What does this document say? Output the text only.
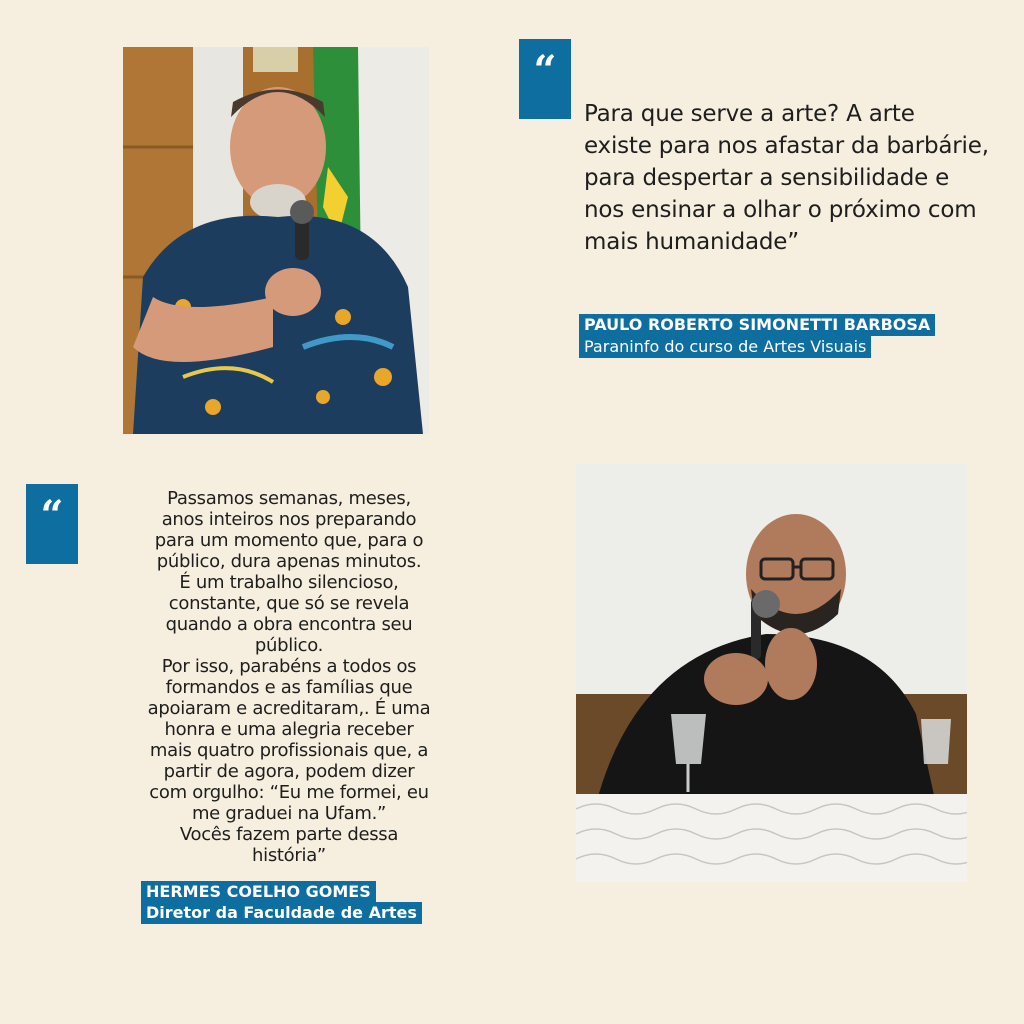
“
“
Para que serve a arte? A arte
existe para nos afastar da barbárie,
para despertar a sensibilidade e
nos ensinar a olhar o próximo com
mais humanidade”
PAULO ROBERTO SIMONETTI BARBOSA
Paraninfo do curso de Artes Visuais
Passamos semanas, meses,
anos inteiros nos preparando
para um momento que, para o
público, dura apenas minutos.
É um trabalho silencioso,
constante, que só se revela
quando a obra encontra seu
público.
Por isso, parabéns a todos os
formandos e as famílias que
apoiaram e acreditaram,. É uma
honra e uma alegria receber
mais quatro profissionais que, a
partir de agora, podem dizer
com orgulho: “Eu me formei, eu
me graduei na Ufam.”
Vocês fazem parte dessa
história”
HERMES COELHO GOMES
Diretor da Faculdade de Artes
